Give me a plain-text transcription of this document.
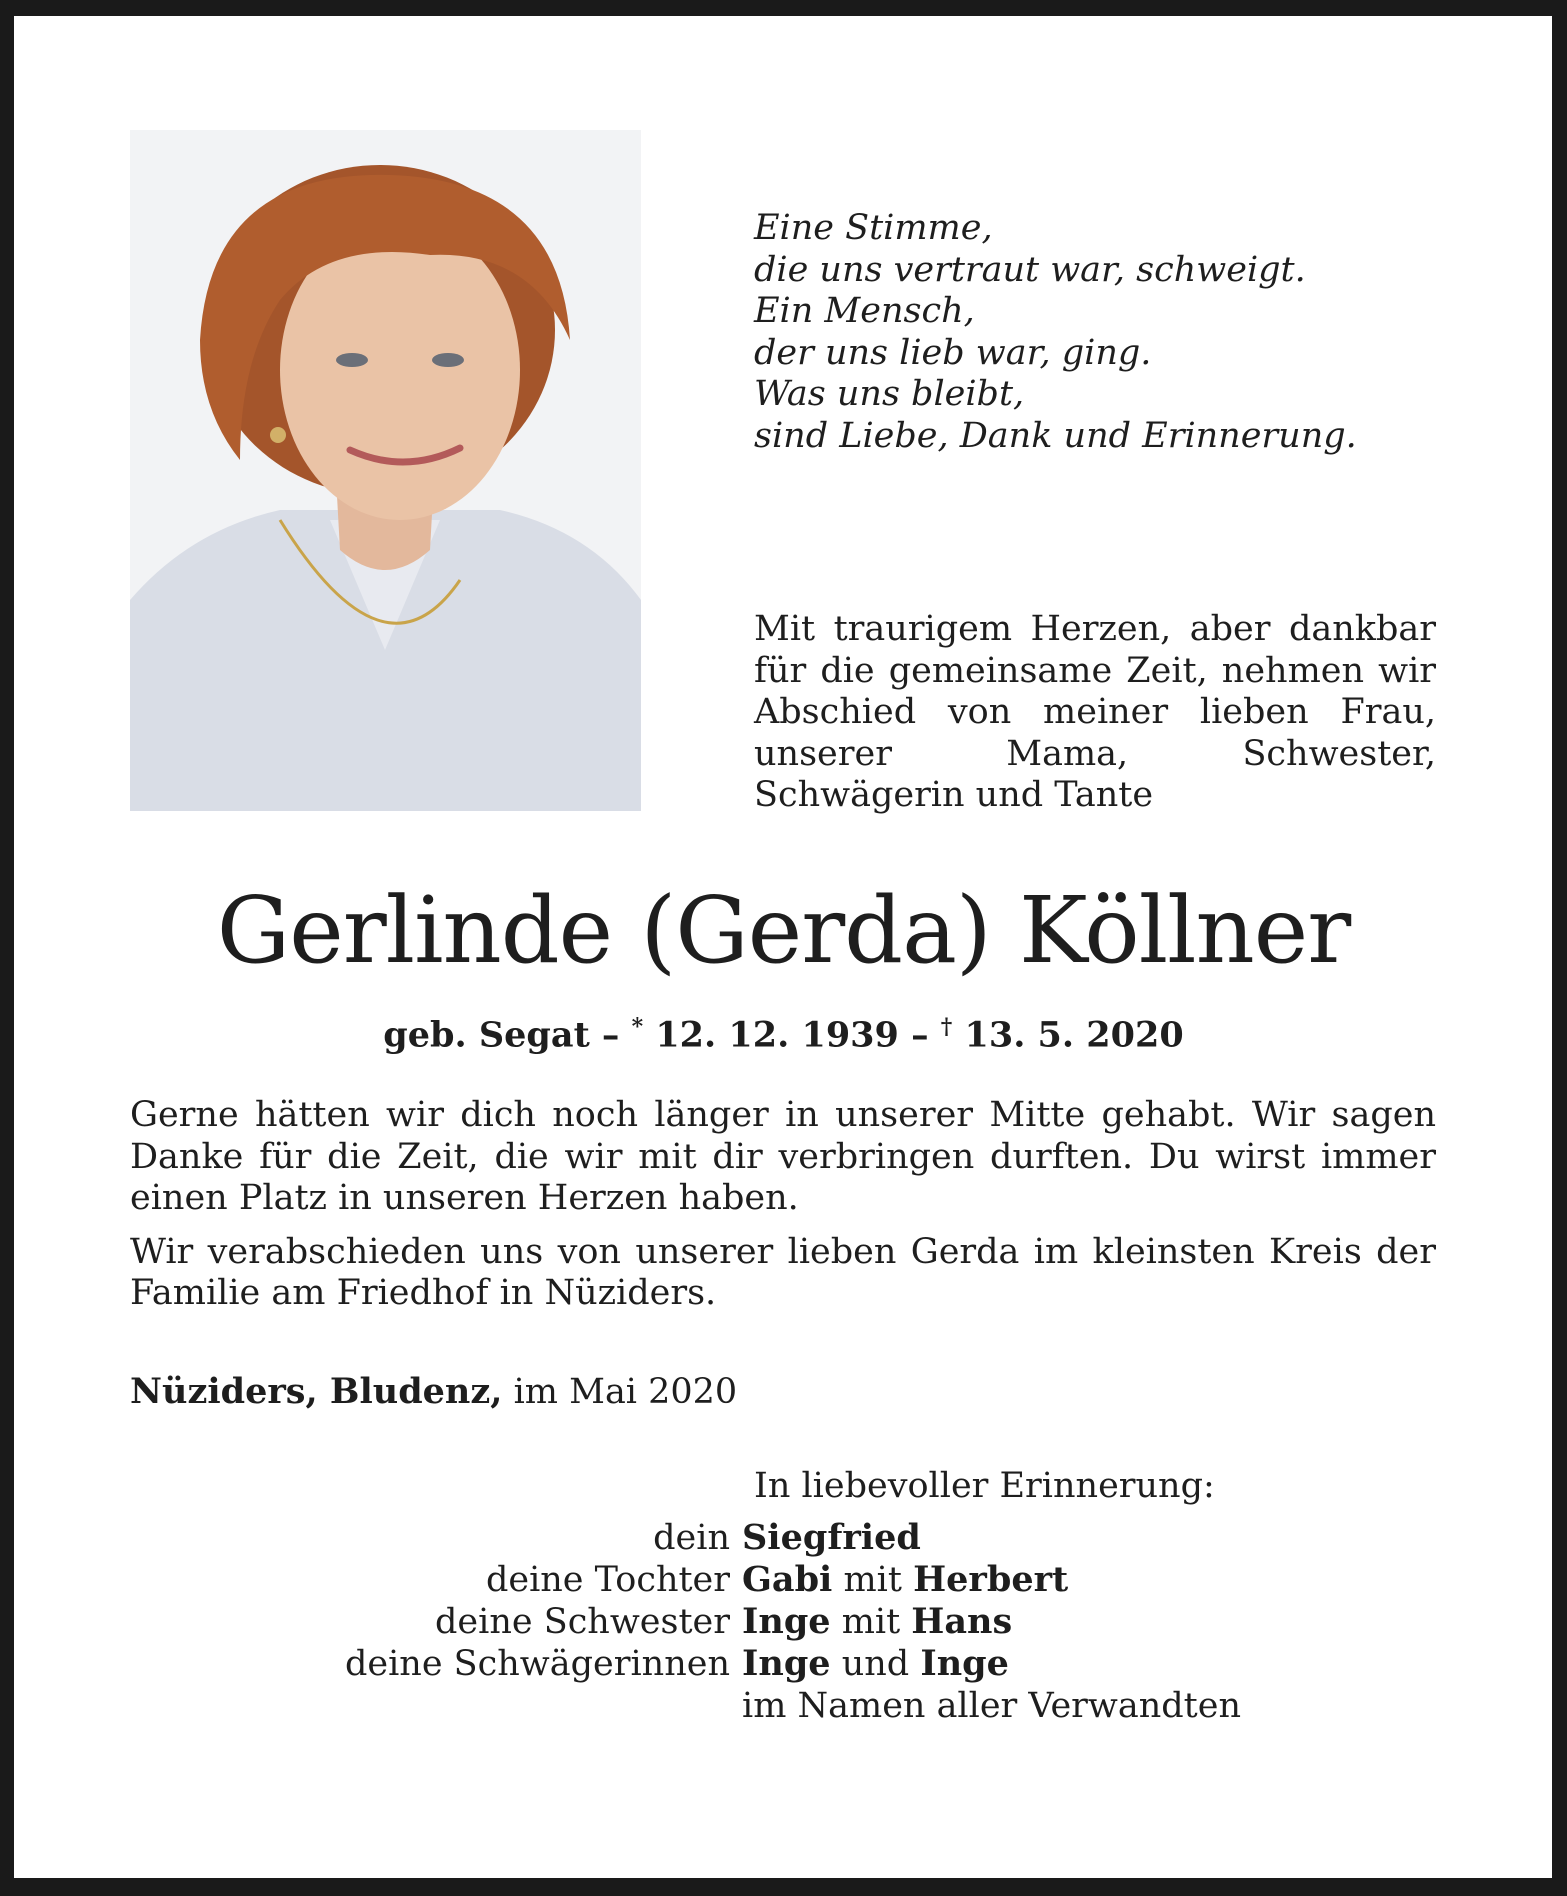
Eine Stimme,
die uns vertraut war, schweigt.
Ein Mensch,
der uns lieb war, ging.
Was uns bleibt,
sind Liebe, Dank und Erinnerung.
Mit traurigem Herzen, aber dankbar für die gemeinsame Zeit, nehmen wir Abschied von meiner lieben Frau, unserer Mama, Schwester, Schwägerin und Tante
Gerlinde (Gerda) Köllner
geb. Segat – * 12. 12. 1939 – † 13. 5. 2020

Gerne hätten wir dich noch länger in unserer Mitte gehabt. Wir sagen Danke für die Zeit, die wir mit dir verbringen durften. Du wirst immer einen Platz in unseren Herzen haben.

Wir verabschieden uns von unserer lieben Gerda im kleinsten Kreis der Familie am Friedhof in Nüziders.

Nüziders, Bludenz, im Mai 2020
In liebevoller Erinnerung:
dein Siegfried
deine Tochter Gabi mit Herbert
deine Schwester Inge mit Hans
deine Schwägerinnen Inge und Inge
im Namen aller Verwandten
